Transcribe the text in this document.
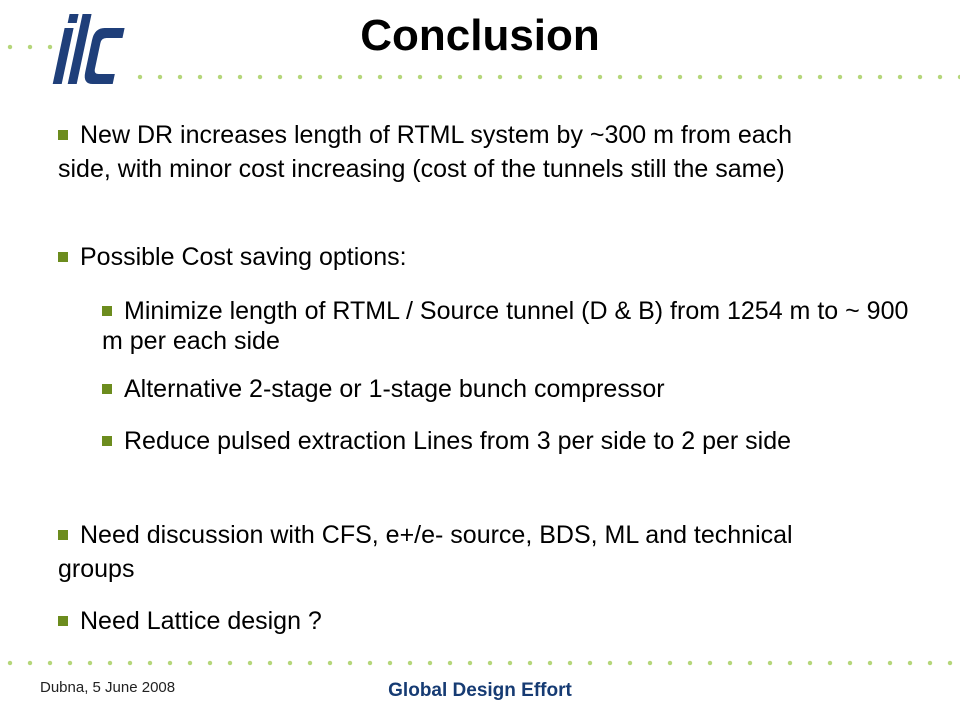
Conclusion
New DR increases length of RTML system by ~300 m from each side, with minor cost increasing (cost of the tunnels still the same)
Possible Cost saving options:
Minimize length of RTML / Source tunnel (D & B) from 1254 m to ~ 900 m per each side
Alternative 2-stage or 1-stage bunch compressor
Reduce pulsed extraction Lines from 3 per side to 2 per side
Need discussion with CFS, e+/e- source, BDS, ML and technical groups
Need Lattice design ?
Dubna, 5 June 2008	Global Design Effort
